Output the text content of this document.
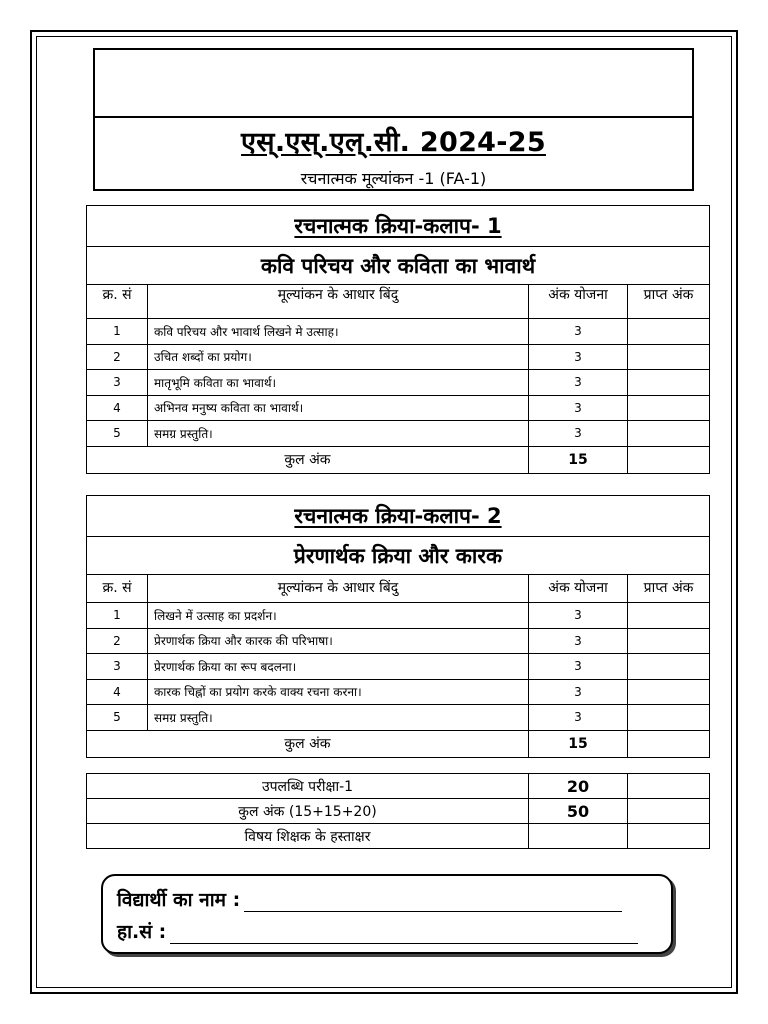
एस्.एस्.एल्.सी. 2024-25
रचनात्मक मूल्यांकन -1 (FA-1)
रचनात्मक क्रिया-कलाप- 1			
कवि परिचय और कविता का भावार्थ			
क्र. सं	मूल्यांकन के आधार बिंदु	अंक योजना	प्राप्त अंक
1	कवि परिचय और भावार्थ लिखने मे उत्साह।	3	
2	उचित शब्दों का प्रयोग।	3	
3	मातृभूमि कविता का भावार्थ।	3	
4	अभिनव मनुष्य कविता का भावार्थ।	3	
5	समग्र प्रस्तुति।	3	
कुल अंक		15	
रचनात्मक क्रिया-कलाप- 2			
प्रेरणार्थक क्रिया और कारक			
क्र. सं	मूल्यांकन के आधार बिंदु	अंक योजना	प्राप्त अंक
1	लिखने में उत्साह का प्रदर्शन।	3	
2	प्रेरणार्थक क्रिया और कारक की परिभाषा।	3	
3	प्रेरणार्थक क्रिया का रूप बदलना।	3	
4	कारक चिह्नों का प्रयोग करके वाक्य रचना करना।	3	
5	समग्र प्रस्तुति।	3	
कुल अंक		15	
उपलब्धि परीक्षा-1	20	
कुल अंक (15+15+20)	50	
विषय शिक्षक के हस्ताक्षर		
विद्यार्थी का नाम :
हा.सं :
